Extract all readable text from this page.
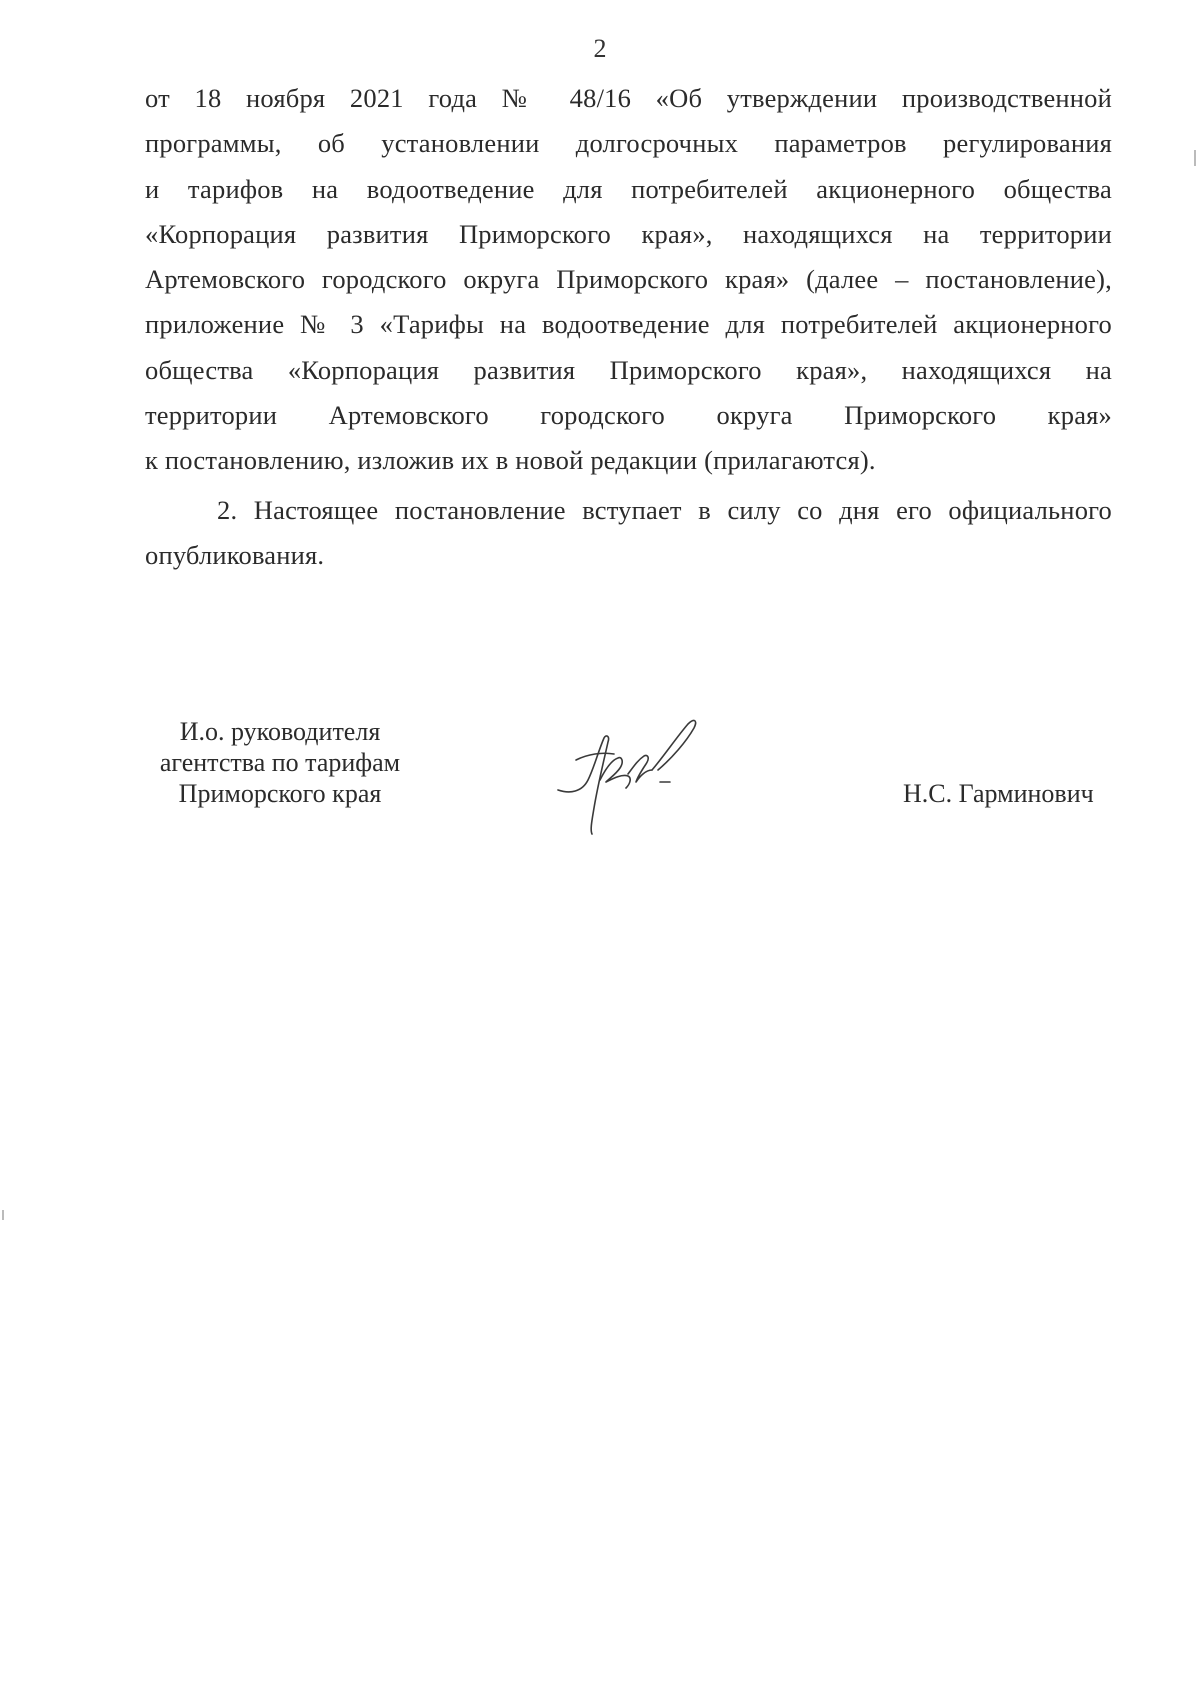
2
от 18 ноября 2021 года № 48/16 «Об утверждении производственной
программы, об установлении долгосрочных параметров регулирования
и тарифов на водоотведение для потребителей акционерного общества
«Корпорация развития Приморского края», находящихся на территории
Артемовского городского округа Приморского края» (далее – постановление),
приложение № 3 «Тарифы на водоотведение для потребителей акционерного
общества «Корпорация развития Приморского края», находящихся на
территории Артемовского городского округа Приморского края»
к постановлению, изложив их в новой редакции (прилагаются).
2. Настоящее постановление вступает в силу со дня его официального
опубликования.
И.о. руководителя
агентства по тарифам
Приморского края	Н.С. Гарминович
